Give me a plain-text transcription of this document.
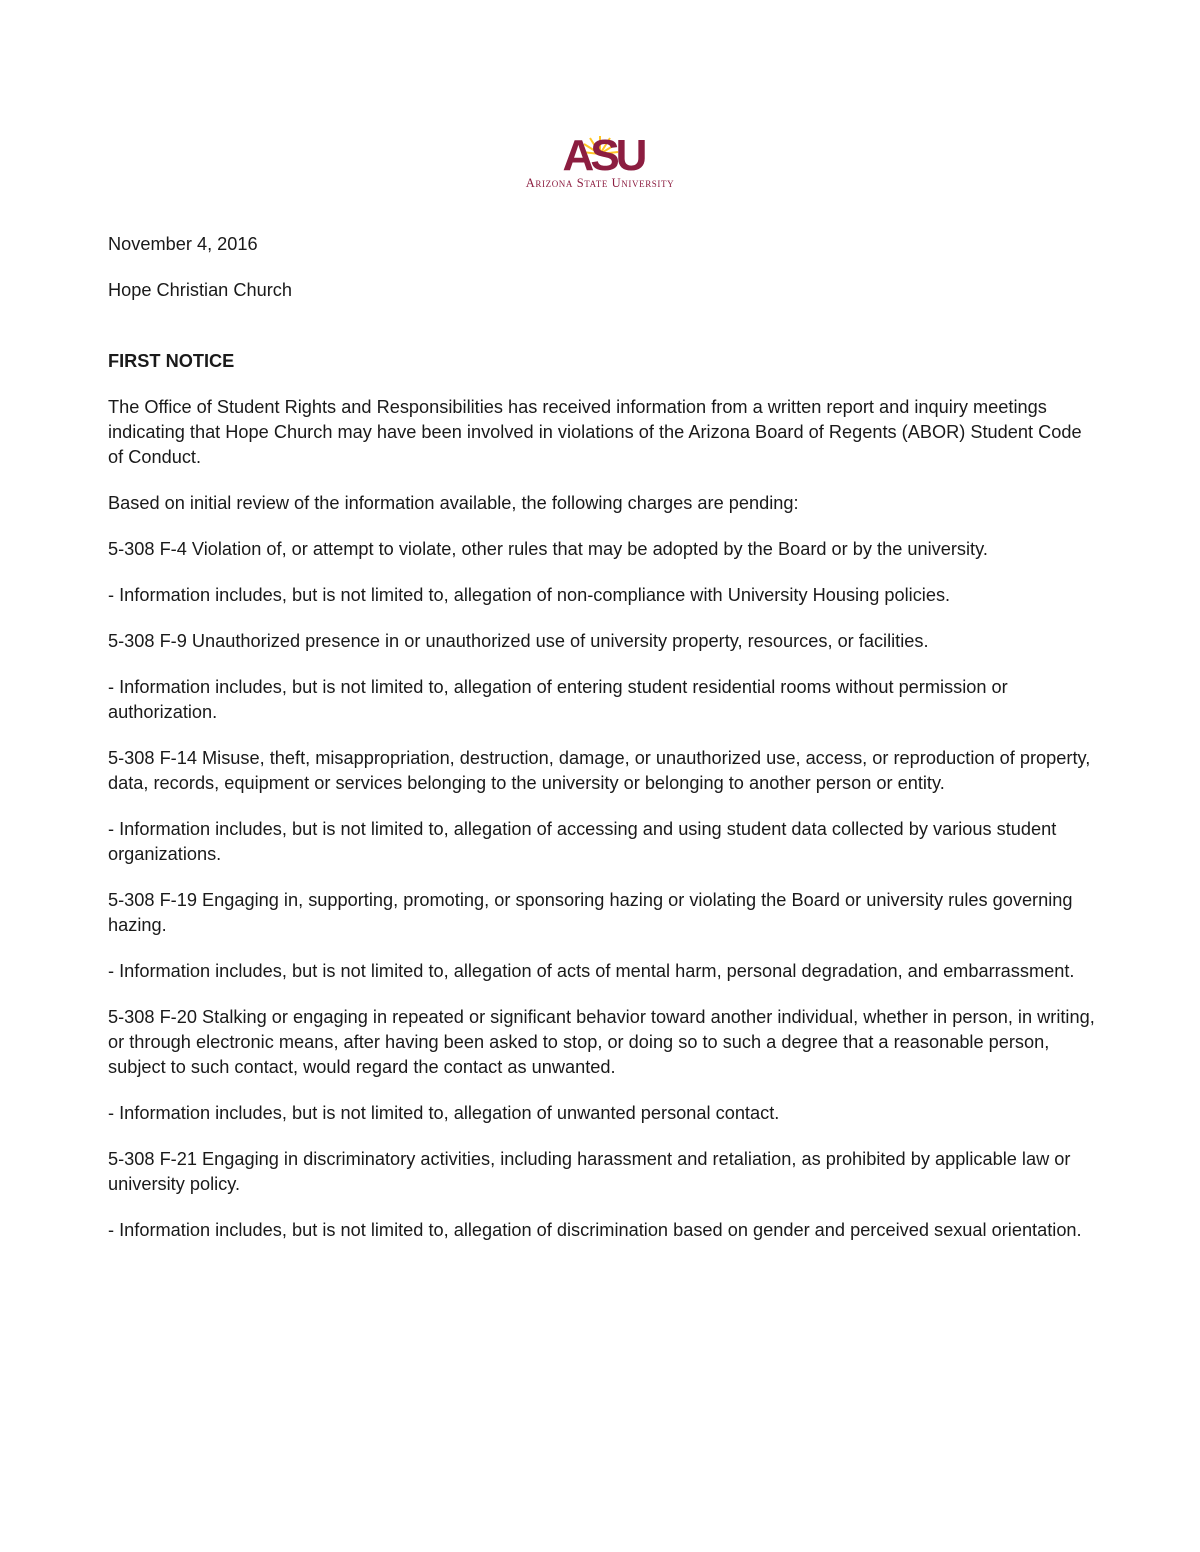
ASU
Arizona State University

November 4, 2016

Hope Christian Church

FIRST NOTICE

The Office of Student Rights and Responsibilities has received information from a written report and inquiry meetings indicating that Hope Church may have been involved in violations of the Arizona Board of Regents (ABOR) Student Code of Conduct.

Based on initial review of the information available, the following charges are pending:

5-308 F-4 Violation of, or attempt to violate, other rules that may be adopted by the Board or by the university.

- Information includes, but is not limited to, allegation of non-compliance with University Housing policies.

5-308 F-9 Unauthorized presence in or unauthorized use of university property, resources, or facilities.

- Information includes, but is not limited to, allegation of entering student residential rooms without permission or authorization.

5-308 F-14 Misuse, theft, misappropriation, destruction, damage, or unauthorized use, access, or reproduction of property, data, records, equipment or services belonging to the university or belonging to another person or entity.

- Information includes, but is not limited to, allegation of accessing and using student data collected by various student organizations.

5-308 F-19 Engaging in, supporting, promoting, or sponsoring hazing or violating the Board or university rules governing hazing.

- Information includes, but is not limited to, allegation of acts of mental harm, personal degradation, and embarrassment.

5-308 F-20 Stalking or engaging in repeated or significant behavior toward another individual, whether in person, in writing, or through electronic means, after having been asked to stop, or doing so to such a degree that a reasonable person, subject to such contact, would regard the contact as unwanted.

- Information includes, but is not limited to, allegation of unwanted personal contact.

5-308 F-21 Engaging in discriminatory activities, including harassment and retaliation, as prohibited by applicable law or university policy.

- Information includes, but is not limited to, allegation of discrimination based on gender and perceived sexual orientation.
